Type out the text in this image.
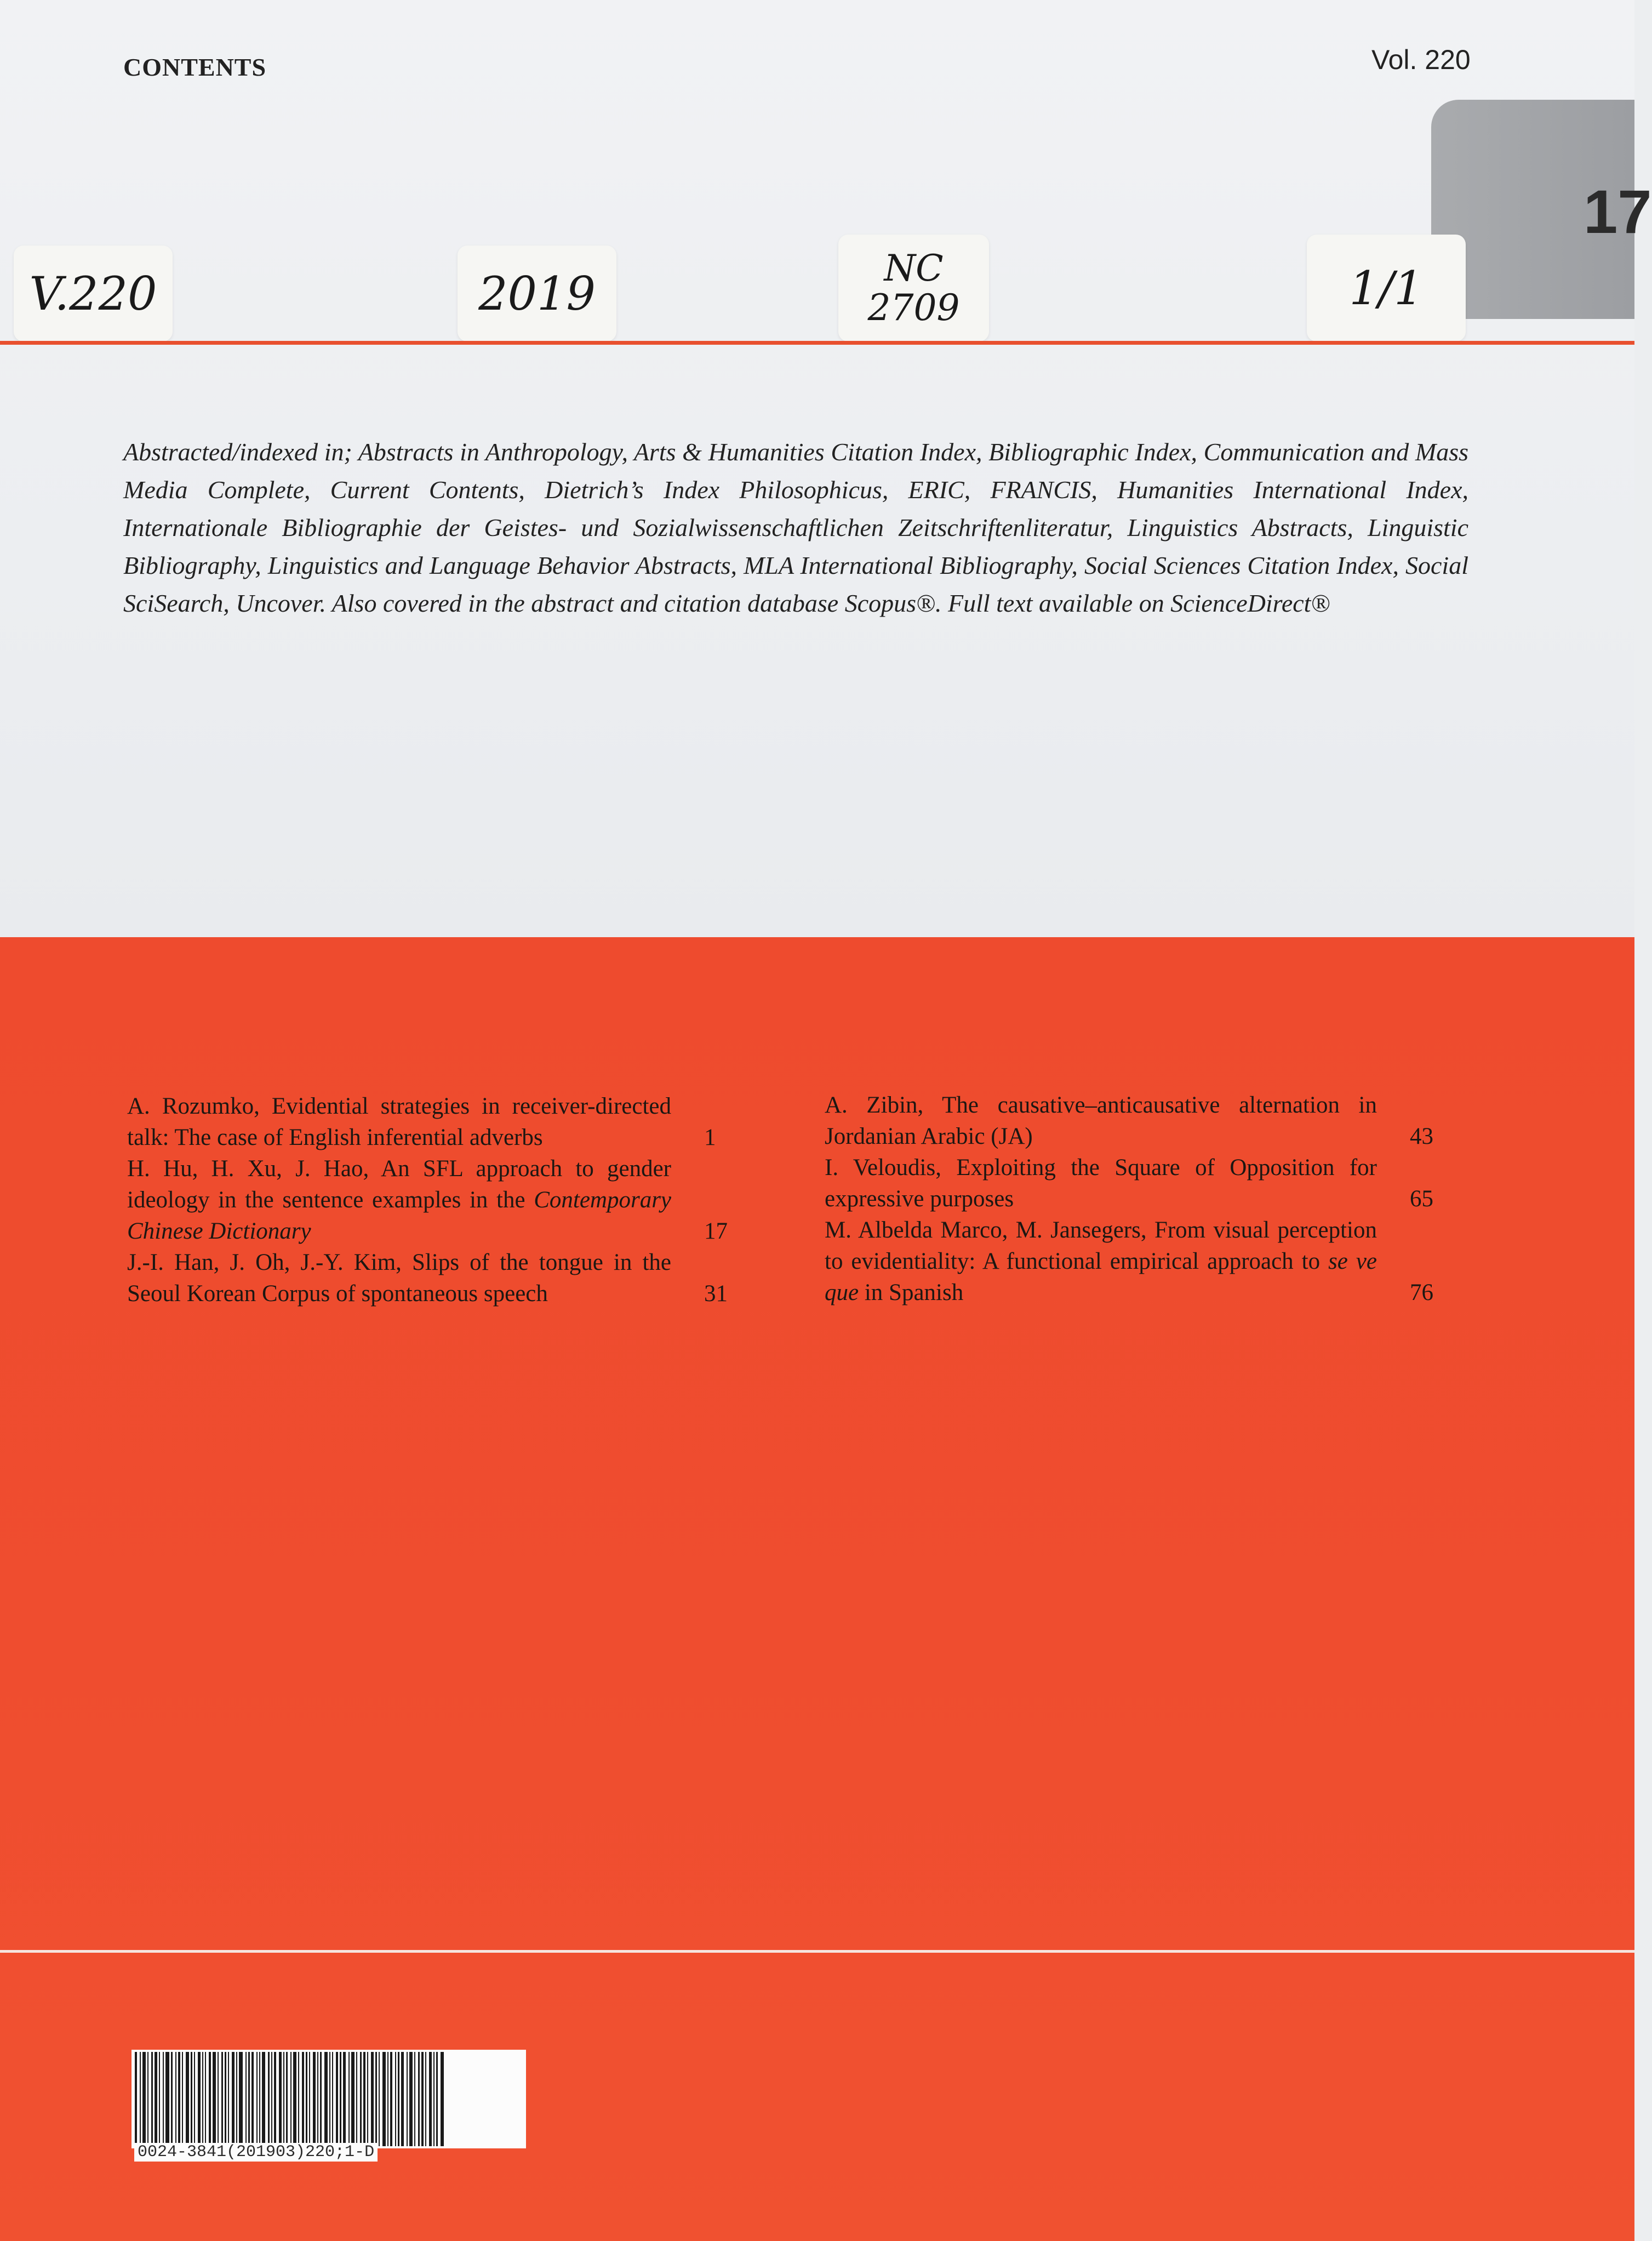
CONTENTS	Vol. 220
17
V.220	2019	NC 2709	1/1
Abstracted/indexed in; Abstracts in Anthropology, Arts & Humanities Citation Index, Bibliographic Index, Communication and Mass Media Complete, Current Contents, Dietrich’s Index Philosophicus, ERIC, FRANCIS, Humanities International Index, Internationale Bibliographie der Geistes- und Sozialwissenschaftlichen Zeitschriftenliteratur, Linguistics Abstracts, Linguistic Bibliography, Linguistics and Language Behavior Abstracts, MLA International Bibliography, Social Sciences Citation Index, Social SciSearch, Uncover. Also covered in the abstract and citation database Scopus®. Full text available on ScienceDirect®
A. Rozumko, Evidential strategies in receiver-directed talk: The case of English inferential adverbs	1
H. Hu, H. Xu, J. Hao, An SFL approach to gender ideology in the sentence examples in the Contemporary Chinese Dictionary	17
J.-I. Han, J. Oh, J.-Y. Kim, Slips of the tongue in the Seoul Korean Corpus of spontaneous speech	31
A. Zibin, The causative–anticausative alternation in Jordanian Arabic (JA)	43
I. Veloudis, Exploiting the Square of Opposition for expressive purposes	65
M. Albelda Marco, M. Jansegers, From visual perception to evidentiality: A functional empirical approach to se ve que in Spanish	76
0024-3841(201903)220;1-D
